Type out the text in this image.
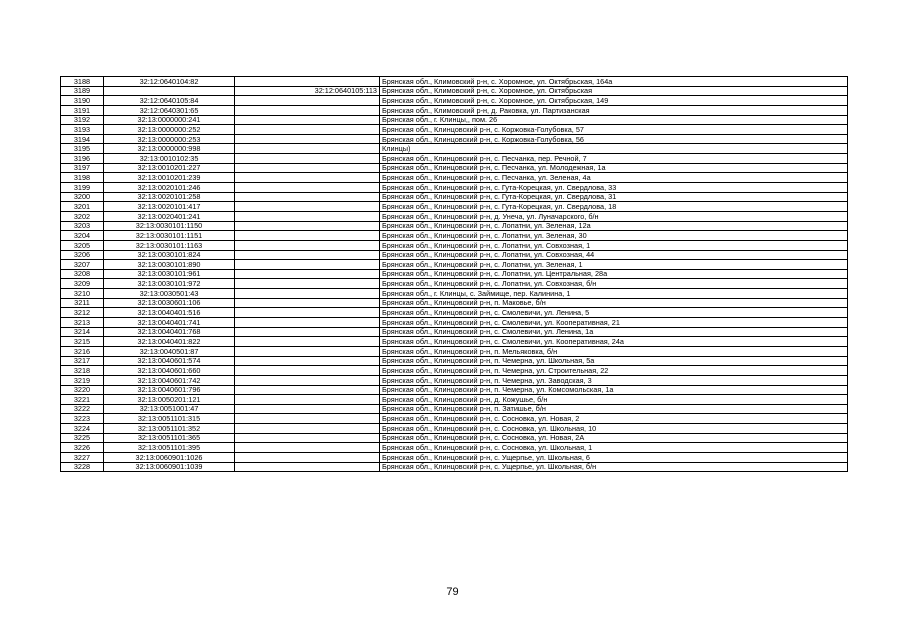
3188	32:12:0640104:82		Брянская обл., Климовский р-н, с. Хоромное, ул. Октябрьская, 164а
3189		32:12:0640105:113	Брянская обл., Климовский р-н, с. Хоромное, ул. Октябрьская
3190	32:12:0640105:84		Брянская обл., Климовский р-н, с. Хоромное, ул. Октябрьская, 149
3191	32:12:0640301:65		Брянская обл., Климовский р-н, д. Раковка, ул. Партизанская
3192	32:13:0000000:241		Брянская обл., г. Клинцы,, пом. 26
3193	32:13:0000000:252		Брянская обл., Клинцовский р-н, с. Коржовка-Голубовка, 57
3194	32:13:0000000:253		Брянская обл., Клинцовский р-н, с. Коржовка-Голубовка, 56
3195	32:13:0000000:998		Клинцы)
3196	32:13:0010102:35		Брянская обл., Клинцовский р-н, с. Песчанка, пер. Речной, 7
3197	32:13:0010201:227		Брянская обл., Клинцовский р-н, с. Песчанка, ул. Молодежная, 1а
3198	32:13:0010201:239		Брянская обл., Клинцовский р-н, с. Песчанка, ул. Зеленая, 4а
3199	32:13:0020101:246		Брянская обл., Клинцовский р-н, с. Гута-Корецкая, ул. Свердлова, 33
3200	32:13:0020101:258		Брянская обл., Клинцовский р-н, с. Гута-Корецкая, ул. Свердлова, 31
3201	32:13:0020101:417		Брянская обл., Клинцовский р-н, с. Гута-Корецкая, ул. Свердлова, 18
3202	32:13:0020401:241		Брянская обл., Клинцовский р-н, д. Унеча, ул. Луначарского, б/н
3203	32:13:0030101:1150		Брянская обл., Клинцовский р-н, с. Лопатни, ул. Зеленая, 12а
3204	32:13:0030101:1151		Брянская обл., Клинцовский р-н, с. Лопатни, ул. Зеленая, 30
3205	32:13:0030101:1163		Брянская обл., Клинцовский р-н, с. Лопатни, ул. Совхозная, 1
3206	32:13:0030101:824		Брянская обл., Клинцовский р-н, с. Лопатни, ул. Совхозная, 44
3207	32:13:0030101:890		Брянская обл., Клинцовский р-н, с. Лопатни, ул. Зеленая, 1
3208	32:13:0030101:961		Брянская обл., Клинцовский р-н, с. Лопатни, ул. Центральная, 28а
3209	32:13:0030101:972		Брянская обл., Клинцовский р-н, с. Лопатни, ул. Совхозная, б/н
3210	32:13:0030501:43		Брянская обл., г. Клинцы, с. Займище, пер. Калинина, 1
3211	32:13:0030601:106		Брянская обл., Клинцовский р-н, п. Маковье, б/н
3212	32:13:0040401:516		Брянская обл., Клинцовский р-н, с. Смолевичи, ул. Ленина, 5
3213	32:13:0040401:741		Брянская обл., Клинцовский р-н, с. Смолевичи, ул. Кооперативная, 21
3214	32:13:0040401:768		Брянская обл., Клинцовский р-н, с. Смолевичи, ул. Ленина, 1а
3215	32:13:0040401:822		Брянская обл., Клинцовский р-н, с. Смолевичи, ул. Кооперативная, 24а
3216	32:13:0040501:87		Брянская обл., Клинцовский р-н, п. Мельяковка, б/н
3217	32:13:0040601:574		Брянская обл., Клинцовский р-н, п. Чемерна, ул. Школьная, 5а
3218	32:13:0040601:660		Брянская обл., Клинцовский р-н, п. Чемерна, ул. Строительная, 22
3219	32:13:0040601:742		Брянская обл., Клинцовский р-н, п. Чемерна, ул. Заводская, 3
3220	32:13:0040601:796		Брянская обл., Клинцовский р-н, п. Чемерна, ул. Комсомольская, 1а
3221	32:13:0050201:121		Брянская обл., Клинцовский р-н, д. Кожушье, б/н
3222	32:13:0051001:47		Брянская обл., Клинцовский р-н, п. Затишье, б/н
3223	32:13:0051101:315		Брянская обл., Клинцовский р-н, с. Сосновка, ул. Новая, 2
3224	32:13:0051101:352		Брянская обл., Клинцовский р-н, с. Сосновка, ул. Школьная, 10
3225	32:13:0051101:365		Брянская обл., Клинцовский р-н, с. Сосновка, ул. Новая, 2А
3226	32:13:0051101:395		Брянская обл., Клинцовский р-н, с. Сосновка, ул. Школьная, 1
3227	32:13:0060901:1026		Брянская обл., Клинцовский р-н, с. Ущерпье, ул. Школьная, 6
3228	32:13:0060901:1039		Брянская обл., Клинцовский р-н, с. Ущерпье, ул. Школьная, б/н
79
